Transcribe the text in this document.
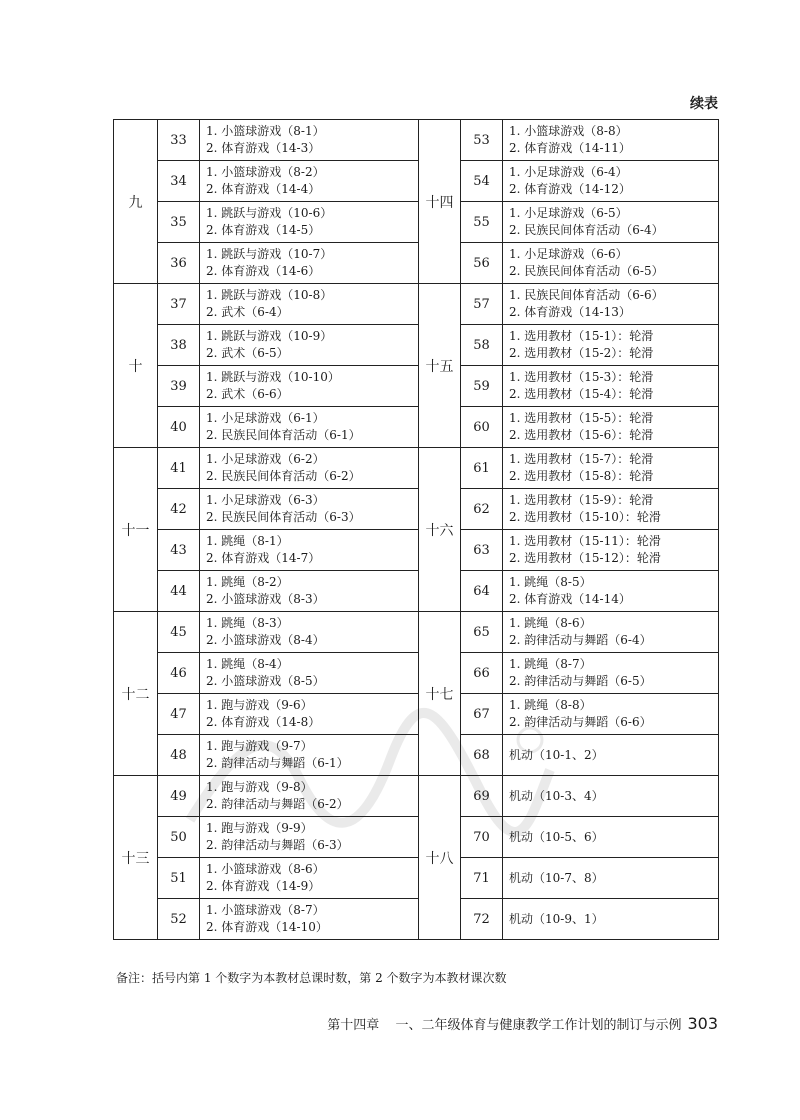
续表
九	33	1. 小篮球游戏（8-1）
2. 体育游戏（14-3）	十四	53	1. 小篮球游戏（8-8）
2. 体育游戏（14-11）

	34	1. 小篮球游戏（8-2）
2. 体育游戏（14-4）		54	1. 小足球游戏（6-4）
2. 体育游戏（14-12）

	35	1. 跳跃与游戏（10-6）
2. 体育游戏（14-5）		55	1. 小足球游戏（6-5）
2. 民族民间体育活动（6-4）

	36	1. 跳跃与游戏（10-7）
2. 体育游戏（14-6）		56	1. 小足球游戏（6-6）
2. 民族民间体育活动（6-5）

十	37	1. 跳跃与游戏（10-8）
2. 武术（6-4）	十五	57	1. 民族民间体育活动（6-6）
2. 体育游戏（14-13）

	38	1. 跳跃与游戏（10-9）
2. 武术（6-5）		58	1. 选用教材（15-1）：轮滑
2. 选用教材（15-2）：轮滑

	39	1. 跳跃与游戏（10-10）
2. 武术（6-6）		59	1. 选用教材（15-3）：轮滑
2. 选用教材（15-4）：轮滑

	40	1. 小足球游戏（6-1）
2. 民族民间体育活动（6-1）		60	1. 选用教材（15-5）：轮滑
2. 选用教材（15-6）：轮滑

十一	41	1. 小足球游戏（6-2）
2. 民族民间体育活动（6-2）	十六	61	1. 选用教材（15-7）：轮滑
2. 选用教材（15-8）：轮滑

	42	1. 小足球游戏（6-3）
2. 民族民间体育活动（6-3）		62	1. 选用教材（15-9）：轮滑
2. 选用教材（15-10）：轮滑

	43	1. 跳绳（8-1）
2. 体育游戏（14-7）		63	1. 选用教材（15-11）：轮滑
2. 选用教材（15-12）：轮滑

	44	1. 跳绳（8-2）
2. 小篮球游戏（8-3）		64	1. 跳绳（8-5）
2. 体育游戏（14-14）

十二	45	1. 跳绳（8-3）
2. 小篮球游戏（8-4）	十七	65	1. 跳绳（8-6）
2. 韵律活动与舞蹈（6-4）

	46	1. 跳绳（8-4）
2. 小篮球游戏（8-5）		66	1. 跳绳（8-7）
2. 韵律活动与舞蹈（6-5）

	47	1. 跑与游戏（9-6）
2. 体育游戏（14-8）		67	1. 跳绳（8-8）
2. 韵律活动与舞蹈（6-6）

	48	1. 跑与游戏（9-7）
2. 韵律活动与舞蹈（6-1）		68	机动（10-1、2）

十三	49	1. 跑与游戏（9-8）
2. 韵律活动与舞蹈（6-2）	十八	69	机动（10-3、4）

	50	1. 跑与游戏（9-9）
2. 韵律活动与舞蹈（6-3）		70	机动（10-5、6）

	51	1. 小篮球游戏（8-6）
2. 体育游戏（14-9）		71	机动（10-7、8）

	52	1. 小篮球游戏（8-7）
2. 体育游戏（14-10）		72	机动（10-9、1）
备注：括号内第 1 个数字为本教材总课时数，第 2 个数字为本教材课次数
第十四章
一、二年级体育与健康教学工作计划的制订与示例 303
